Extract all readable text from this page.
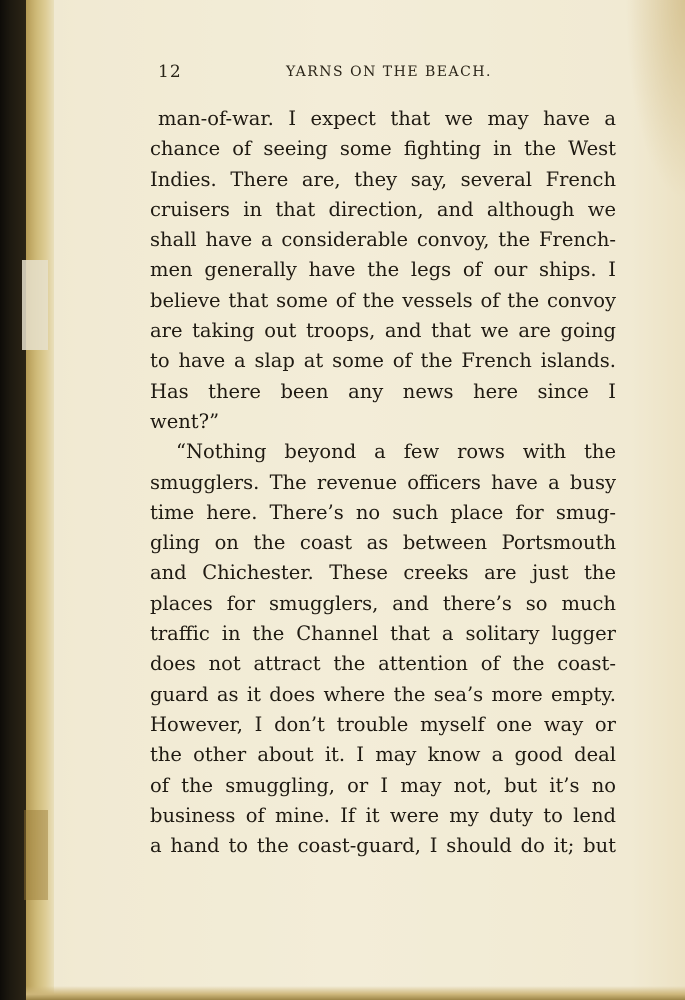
12	YARNS ON THE BEACH.
man-of-war. I expect that we may have a
chance of seeing some fighting in the West
Indies. There are, they say, several French
cruisers in that direction, and although we
shall have a considerable convoy, the French-
men generally have the legs of our ships. I
believe that some of the vessels of the convoy
are taking out troops, and that we are going
to have a slap at some of the French islands.
Has there been any news here since I
went?”
“Nothing beyond a few rows with the
smugglers. The revenue officers have a busy
time here. There’s no such place for smug-
gling on the coast as between Portsmouth
and Chichester. These creeks are just the
places for smugglers, and there’s so much
traffic in the Channel that a solitary lugger
does not attract the attention of the coast-
guard as it does where the sea’s more empty.
However, I don’t trouble myself one way or
the other about it. I may know a good deal
of the smuggling, or I may not, but it’s no
business of mine. If it were my duty to lend
a hand to the coast-guard, I should do it; but
